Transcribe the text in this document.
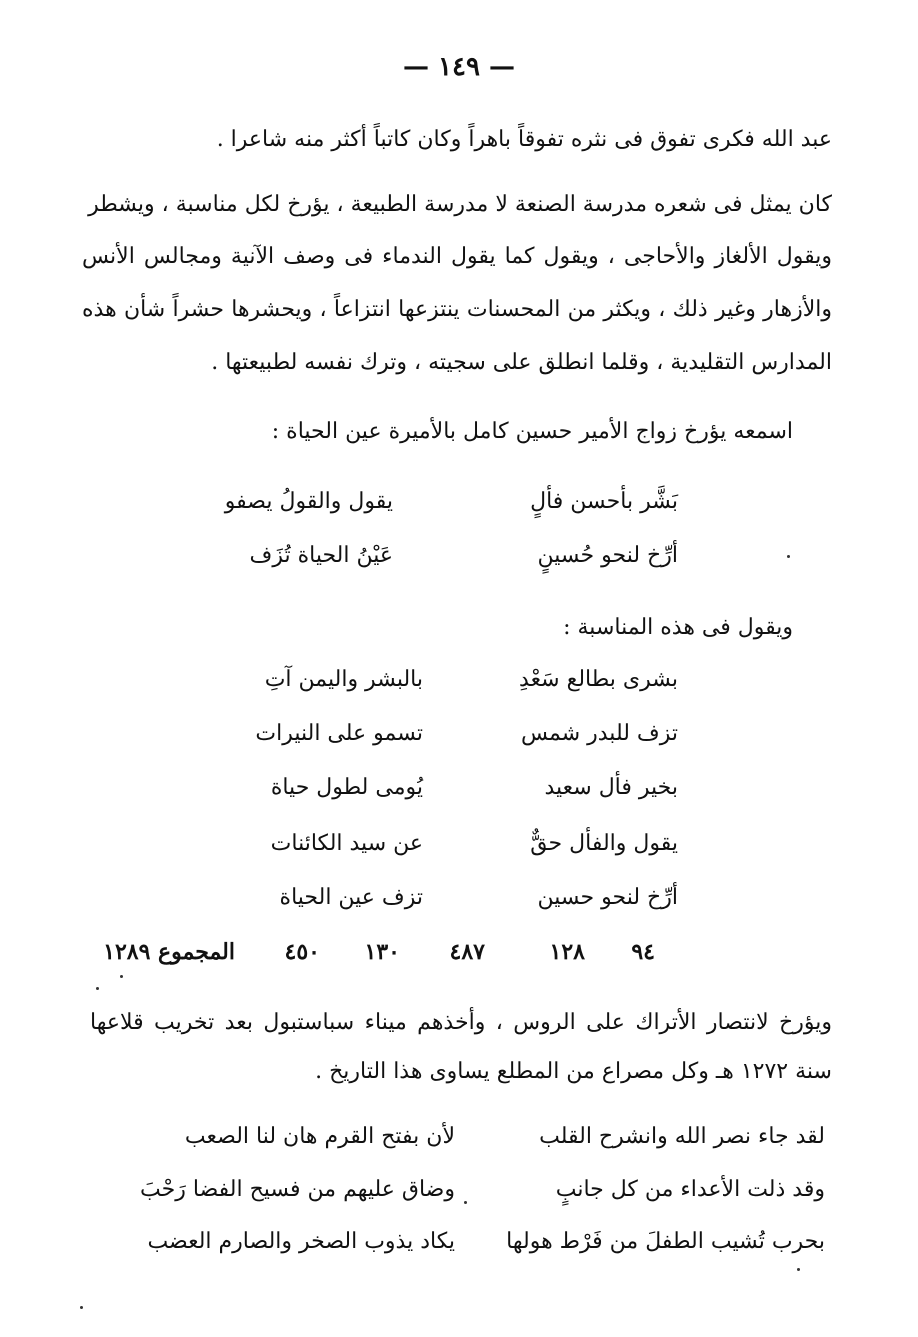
— ١٤٩ —
عبد الله فكرى تفوق فى نثره تفوقاً باهراً وكان كاتباً أكثر منه شاعرا .
كان يمثل فى شعره مدرسة الصنعة لا مدرسة الطبيعة ، يؤرخ لكل مناسبة ، ويشطر
ويقول الألغاز والأحاجى ، ويقول كما يقول الندماء فى وصف الآنية ومجالس الأنس
والأزهار وغير ذلك ، ويكثر من المحسنات ينتزعها انتزاعاً ، ويحشرها حشراً شأن هذه
المدارس التقليدية ، وقلما انطلق على سجيته ، وترك نفسه لطبيعتها .
اسمعه يؤرخ زواج الأمير حسين كامل بالأميرة عين الحياة :
بَشَّر بأحسن فألٍ
يقول والقولُ يصفو
أرِّخ لنحو حُسينٍ
عَيْنُ الحياة تُزَف
ويقول فى هذه المناسبة :
بشرى بطالع سَعْدِ
بالبشر واليمن آتِ
تزف للبدر شمس
تسمو على النيرات
بخير فأل سعيد
يُومى لطول حياة
يقول والفأل حقٌّ
عن سيد الكائنات
أرِّخ لنحو حسين
تزف عين الحياة
٩٤
١٢٨
٤٨٧
١٣٠
٤٥٠
المجموع ١٢٨٩
ويؤرخ لانتصار الأتراك على الروس ، وأخذهم ميناء سباستبول بعد تخريب قلاعها
سنة ١٢٧٢ هـ وكل مصراع من المطلع يساوى هذا التاريخ .
لقد جاء نصر الله وانشرح القلب
لأن بفتح القرم هان لنا الصعب
وقد ذلت الأعداء من كل جانبٍ
وضاق عليهم من فسيح الفضا رَحْبَ
بحرب تُشيب الطفلَ من فَرْط هولها
يكاد يذوب الصخر والصارم العضب
